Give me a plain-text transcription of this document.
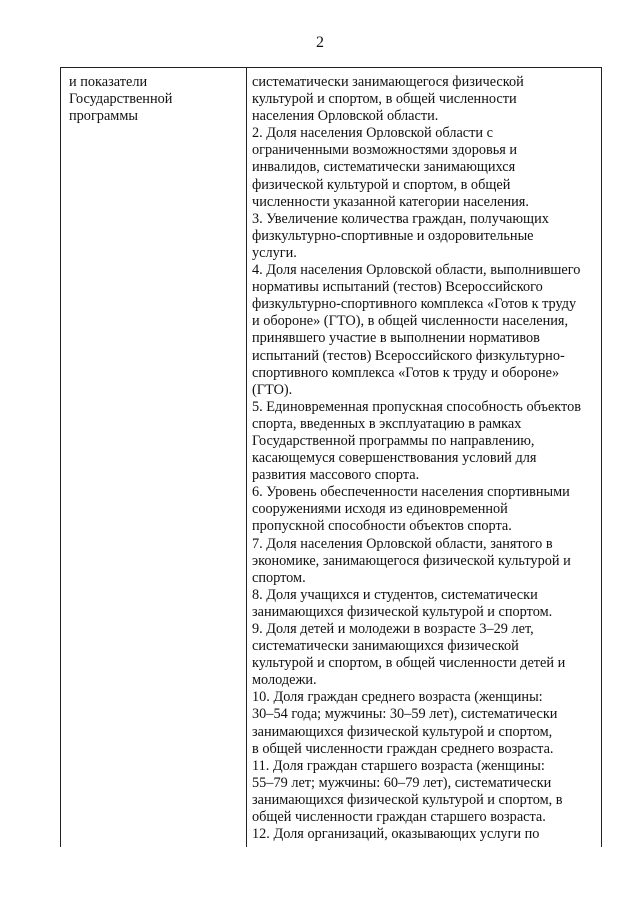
2
и показатели
Государственной
программы
систематически занимающегося физической
культурой и спортом, в общей численности
населения Орловской области.
2. Доля населения Орловской области с
ограниченными возможностями здоровья и
инвалидов, систематически занимающихся
физической культурой и спортом, в общей
численности указанной категории населения.
3. Увеличение количества граждан, получающих
физкультурно-спортивные и оздоровительные
услуги.
4. Доля населения Орловской области, выполнившего
нормативы испытаний (тестов) Всероссийского
физкультурно-спортивного комплекса «Готов к труду
и обороне» (ГТО), в общей численности населения,
принявшего участие в выполнении нормативов
испытаний (тестов) Всероссийского физкультурно-
спортивного комплекса «Готов к труду и обороне»
(ГТО).
5. Единовременная пропускная способность объектов
спорта, введенных в эксплуатацию в рамках
Государственной программы по направлению,
касающемуся совершенствования условий для
развития массового спорта.
6. Уровень обеспеченности населения спортивными
сооружениями исходя из единовременной
пропускной способности объектов спорта.
7. Доля населения Орловской области, занятого в
экономике, занимающегося физической культурой и
спортом.
8. Доля учащихся и студентов, систематически
занимающихся физической культурой и спортом.
9. Доля детей и молодежи в возрасте 3–29 лет,
систематически занимающихся физической
культурой и спортом, в общей численности детей и
молодежи.
10. Доля граждан среднего возраста (женщины:
30–54 года; мужчины: 30–59 лет), систематически
занимающихся физической культурой и спортом,
в общей численности граждан среднего возраста.
11. Доля граждан старшего возраста (женщины:
55–79 лет; мужчины: 60–79 лет), систематически
занимающихся физической культурой и спортом, в
общей численности граждан старшего возраста.
12. Доля организаций, оказывающих услуги по
